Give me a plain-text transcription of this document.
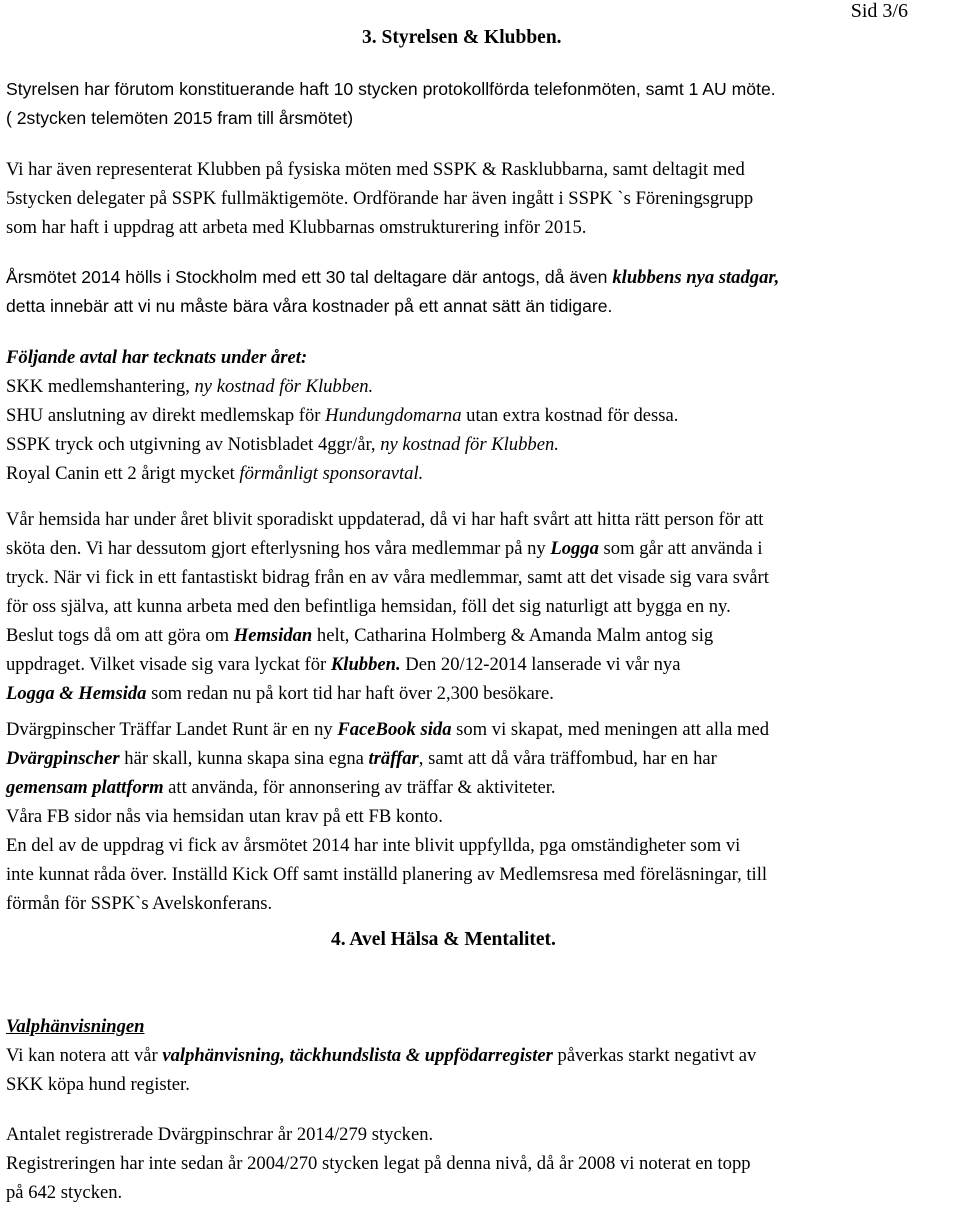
Sid 3/6
3. Styrelsen & Klubben.
Styrelsen har förutom konstituerande haft 10 stycken protokollförda telefonmöten, samt 1 AU möte.
( 2stycken telemöten 2015 fram till årsmötet)
Vi har även representerat Klubben på fysiska möten med SSPK & Rasklubbarna, samt deltagit med
5stycken delegater på SSPK fullmäktigemöte. Ordförande har även ingått i SSPK `s Föreningsgrupp
som har haft i uppdrag att arbeta med Klubbarnas omstrukturering inför 2015.
Årsmötet 2014 hölls i Stockholm med ett 30 tal deltagare där antogs, då även klubbens nya stadgar,
detta innebär att vi nu måste bära våra kostnader på ett annat sätt än tidigare.
Följande avtal har tecknats under året:
SKK medlemshantering, ny kostnad för Klubben.
SHU anslutning av direkt medlemskap för Hundungdomarna utan extra kostnad för dessa.
SSPK tryck och utgivning av Notisbladet 4ggr/år, ny kostnad för Klubben.
Royal Canin ett 2 årigt mycket förmånligt sponsoravtal.
Vår hemsida har under året blivit sporadiskt uppdaterad, då vi har haft svårt att hitta rätt person för att
sköta den. Vi har dessutom gjort efterlysning hos våra medlemmar på ny Logga som går att använda i
tryck. När vi fick in ett fantastiskt bidrag från en av våra medlemmar, samt att det visade sig vara svårt
för oss själva, att kunna arbeta med den befintliga hemsidan, föll det sig naturligt att bygga en ny.
Beslut togs då om att göra om Hemsidan helt, Catharina Holmberg & Amanda Malm antog sig
uppdraget. Vilket visade sig vara lyckat för Klubben. Den 20/12-2014 lanserade vi vår nya
Logga & Hemsida som redan nu på kort tid har haft över 2,300 besökare.
Dvärgpinscher Träffar Landet Runt är en ny FaceBook sida som vi skapat, med meningen att alla med
Dvärgpinscher här skall, kunna skapa sina egna träffar, samt att då våra träffombud, har en har
gemensam plattform att använda, för annonsering av träffar & aktiviteter.
Våra FB sidor nås via hemsidan utan krav på ett FB konto.
En del av de uppdrag vi fick av årsmötet 2014 har inte blivit uppfyllda, pga omständigheter som vi
inte kunnat råda över. Inställd Kick Off samt inställd planering av Medlemsresa med föreläsningar, till
förmån för SSPK`s Avelskonferans.
4. Avel Hälsa & Mentalitet.
Valphänvisningen
Vi kan notera att vår valphänvisning, täckhundslista & uppfödarregister påverkas starkt negativt av
SKK köpa hund register.
Antalet registrerade Dvärgpinschrar år 2014/279 stycken.
Registreringen har inte sedan år 2004/270 stycken legat på denna nivå, då år 2008 vi noterat en topp
på 642 stycken.
